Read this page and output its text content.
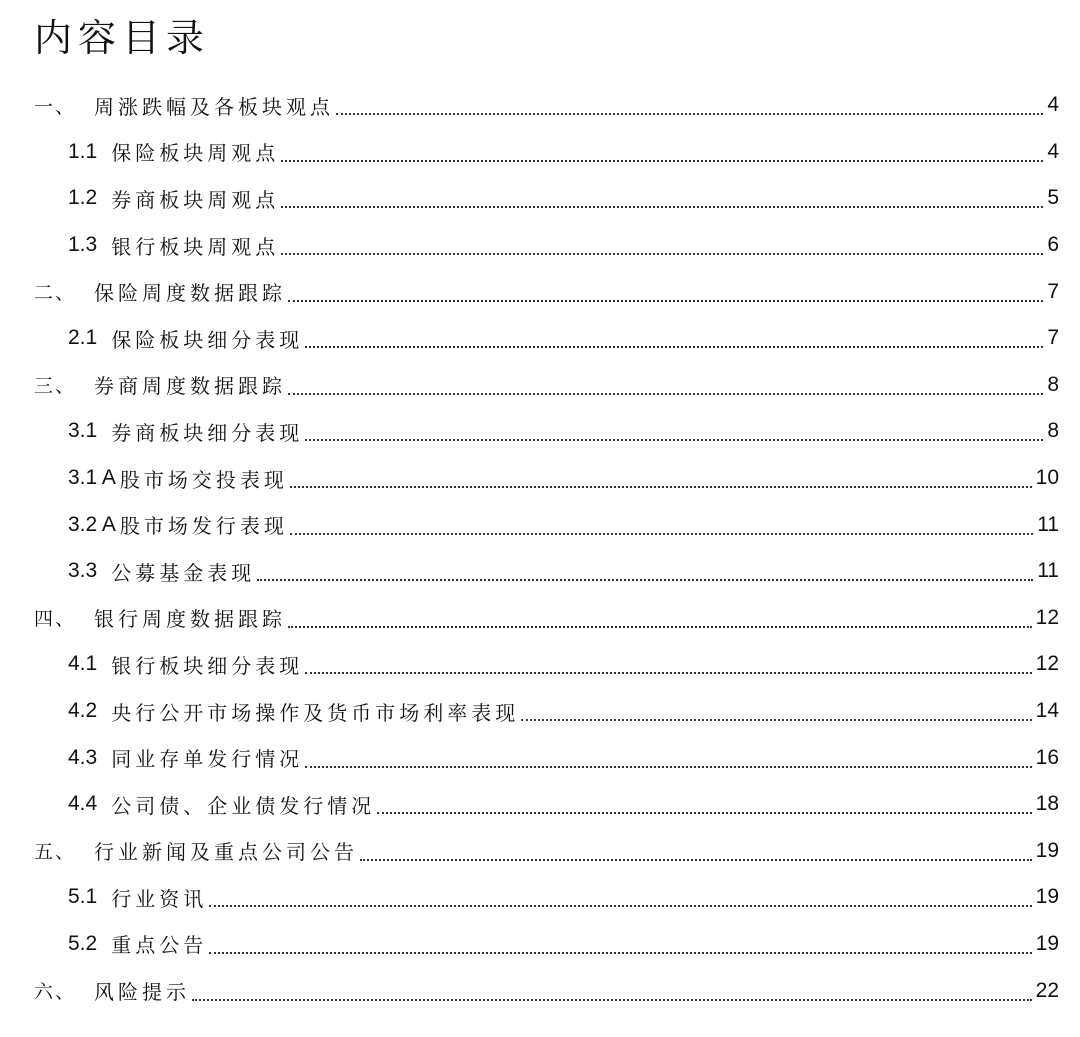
内容目录
一、 周涨跌幅及各板块观点	4
1.1 保险板块周观点	4
1.2 券商板块周观点	5
1.3 银行板块周观点	6
二、 保险周度数据跟踪	7
2.1 保险板块细分表现	7
三、 券商周度数据跟踪	8
3.1 券商板块细分表现	8
3.1 A 股市场交投表现	10
3.2 A 股市场发行表现	11
3.3 公募基金表现	11
四、 银行周度数据跟踪	12
4.1 银行板块细分表现	12
4.2 央行公开市场操作及货币市场利率表现	14
4.3 同业存单发行情况	16
4.4 公司债、企业债发行情况	18
五、 行业新闻及重点公司公告	19
5.1 行业资讯	19
5.2 重点公告	19
六、 风险提示	22
